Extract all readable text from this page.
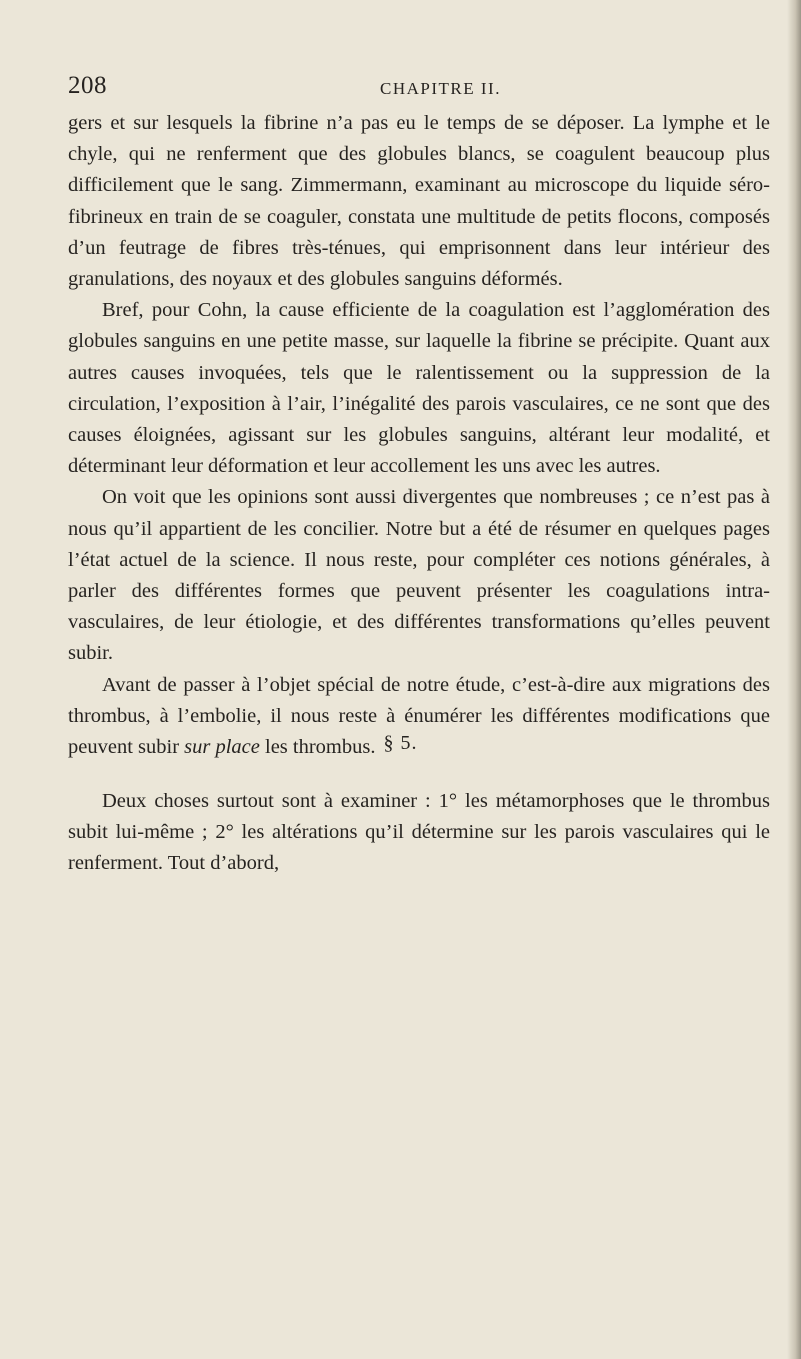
208	CHAPITRE II.

gers et sur lesquels la fibrine n’a pas eu le temps de se déposer. La lymphe et le chyle, qui ne renferment que des globules blancs, se coagulent beaucoup plus difficilement que le sang. Zimmermann, examinant au microscope du liquide séro-fibrineux en train de se coaguler, constata une multitude de petits flocons, composés d’un feutrage de fibres très-ténues, qui emprisonnent dans leur intérieur des granulations, des noyaux et des globules sanguins déformés.

Bref, pour Cohn, la cause efficiente de la coagulation est l’agglomération des globules sanguins en une petite masse, sur laquelle la fibrine se précipite. Quant aux autres causes invoquées, tels que le ralentissement ou la suppression de la circulation, l’exposition à l’air, l’inégalité des parois vasculaires, ce ne sont que des causes éloignées, agissant sur les globules sanguins, altérant leur modalité, et déterminant leur déformation et leur accollement les uns avec les autres.

On voit que les opinions sont aussi divergentes que nombreuses ; ce n’est pas à nous qu’il appartient de les concilier. Notre but a été de résumer en quelques pages l’état actuel de la science. Il nous reste, pour compléter ces notions générales, à parler des différentes formes que peuvent présenter les coagulations intra-vasculaires, de leur étiologie, et des différentes transformations qu’elles peuvent subir.

Avant de passer à l’objet spécial de notre étude, c’est-à-dire aux migrations des thrombus, à l’embolie, il nous reste à énumérer les différentes modifications que peuvent subir sur place les thrombus. § 5.

Deux choses surtout sont à examiner : 1° les métamorphoses que le thrombus subit lui-même ; 2° les altérations qu’il détermine sur les parois vasculaires qui le renferment. Tout d’abord,
